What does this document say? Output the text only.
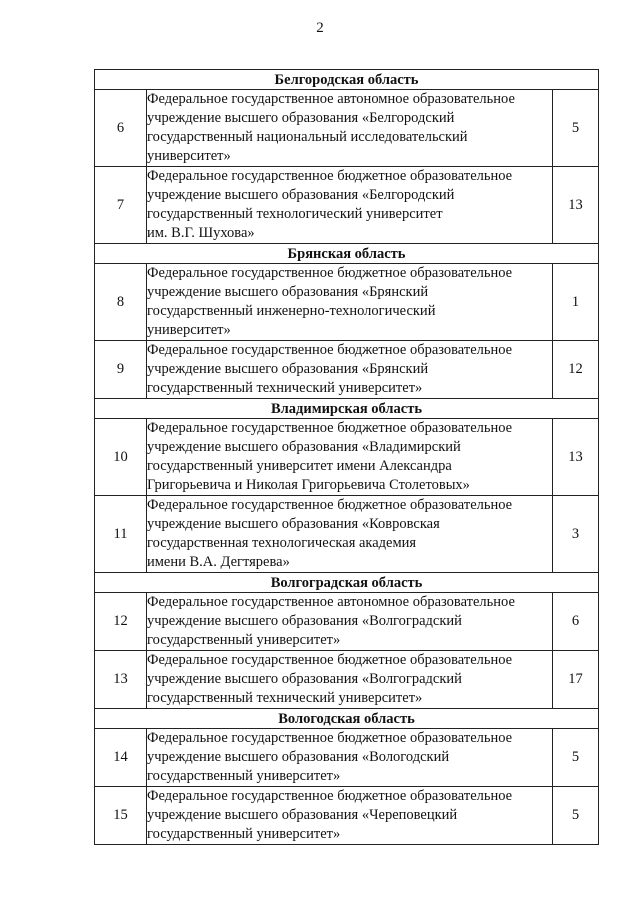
2
Белгородская область		
6	Федеральное государственное автономное образовательное
учреждение высшего образования «Белгородский
государственный национальный исследовательский
университет»	5
7	Федеральное государственное бюджетное образовательное
учреждение высшего образования «Белгородский
государственный технологический университет
им. В.Г. Шухова»	13
Брянская область		
8	Федеральное государственное бюджетное образовательное
учреждение высшего образования «Брянский
государственный инженерно-технологический
университет»	1
9	Федеральное государственное бюджетное образовательное
учреждение высшего образования «Брянский
государственный технический университет»	12
Владимирская область		
10	Федеральное государственное бюджетное образовательное
учреждение высшего образования «Владимирский
государственный университет имени Александра
Григорьевича и Николая Григорьевича Столетовых»	13
11	Федеральное государственное бюджетное образовательное
учреждение высшего образования «Ковровская
государственная технологическая академия
имени В.А. Дегтярева»	3
Волгоградская область		
12	Федеральное государственное автономное образовательное
учреждение высшего образования «Волгоградский
государственный университет»	6
13	Федеральное государственное бюджетное образовательное
учреждение высшего образования «Волгоградский
государственный технический университет»	17
Вологодская область		
14	Федеральное государственное бюджетное образовательное
учреждение высшего образования «Вологодский
государственный университет»	5
15	Федеральное государственное бюджетное образовательное
учреждение высшего образования «Череповецкий
государственный университет»	5
